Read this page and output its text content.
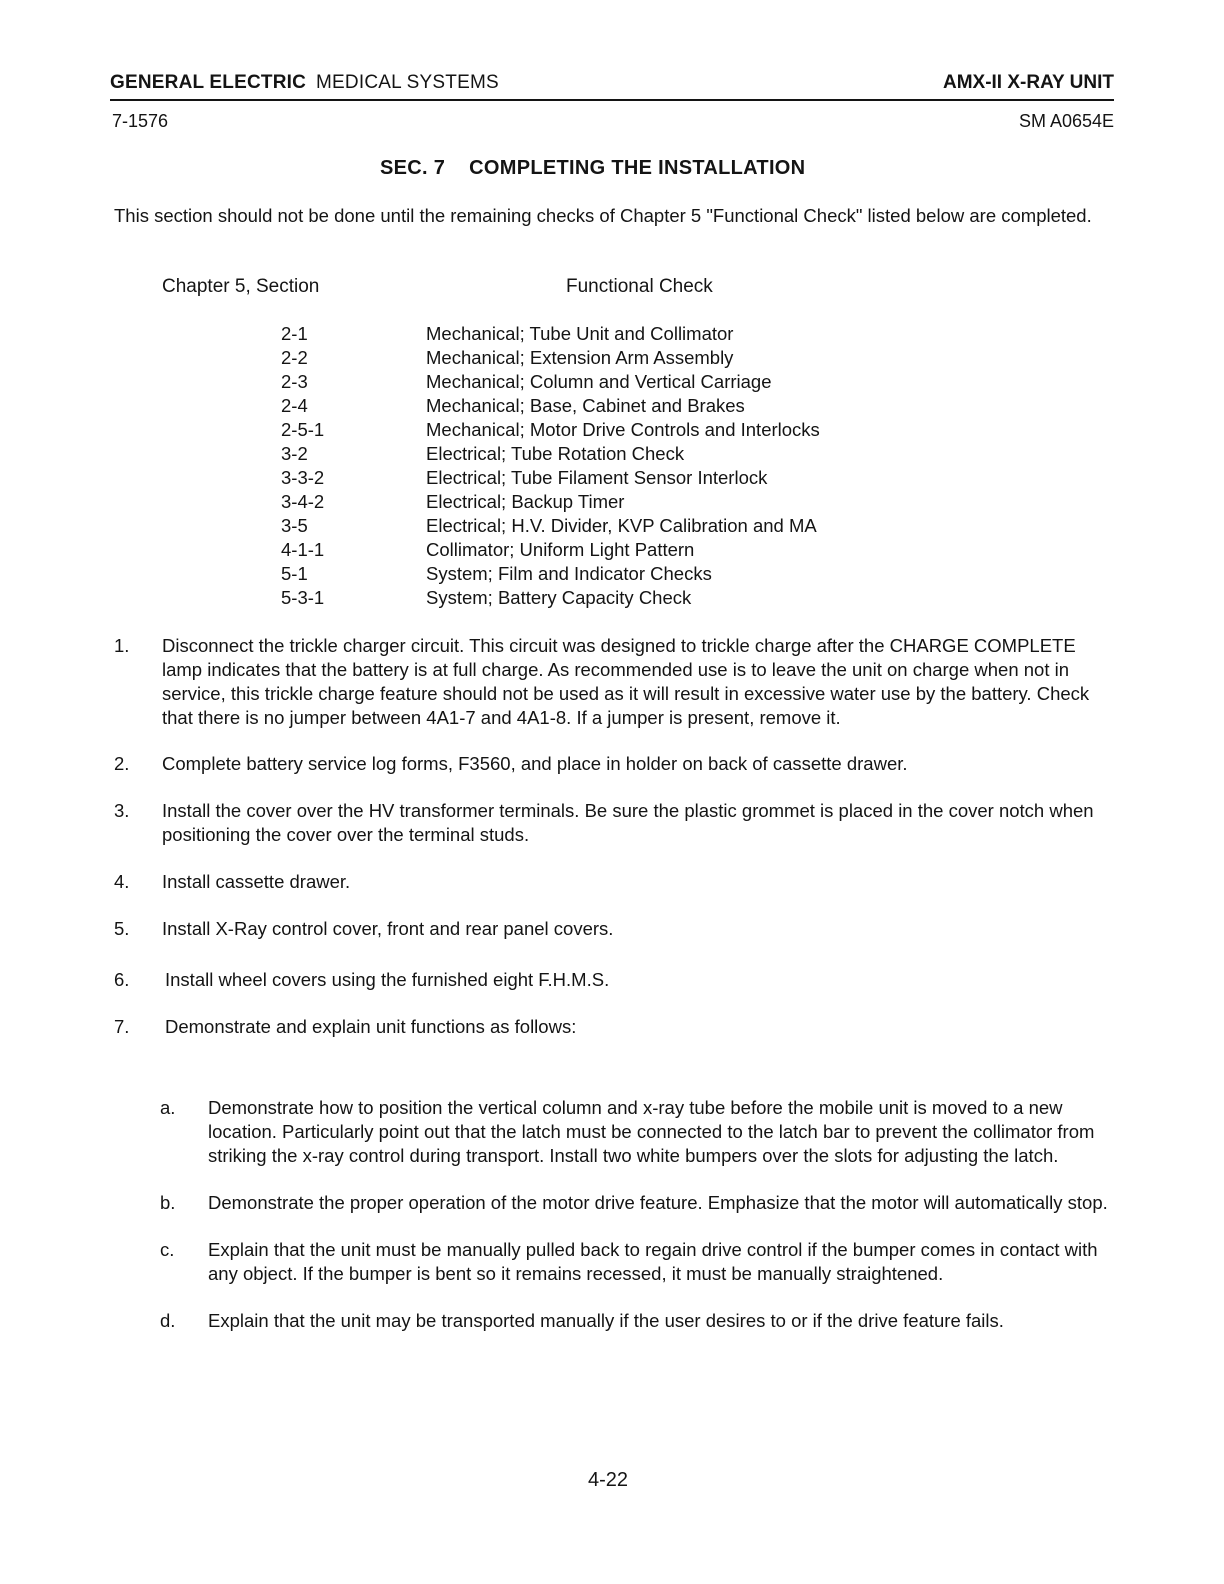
GENERAL ELECTRIC MEDICAL SYSTEMS	AMX-II X-RAY UNIT
7-1576	SM A0654E
SEC. 7 COMPLETING THE INSTALLATION
This section should not be done until the remaining checks of Chapter 5 "Functional Check" listed below are completed.
Chapter 5, Section	Functional Check
2-1	Mechanical; Tube Unit and Collimator
2-2	Mechanical; Extension Arm Assembly
2-3	Mechanical; Column and Vertical Carriage
2-4	Mechanical; Base, Cabinet and Brakes
2-5-1	Mechanical; Motor Drive Controls and Interlocks
3-2	Electrical; Tube Rotation Check
3-3-2	Electrical; Tube Filament Sensor Interlock
3-4-2	Electrical; Backup Timer
3-5	Electrical; H.V. Divider, KVP Calibration and MA
4-1-1	Collimator; Uniform Light Pattern
5-1	System; Film and Indicator Checks
5-3-1	System; Battery Capacity Check
1. Disconnect the trickle charger circuit. This circuit was designed to trickle charge after the CHARGE COMPLETE lamp indicates that the battery is at full charge. As recommended use is to leave the unit on charge when not in service, this trickle charge feature should not be used as it will result in excessive water use by the battery. Check that there is no jumper between 4A1-7 and 4A1-8. If a jumper is present, remove it.
2. Complete battery service log forms, F3560, and place in holder on back of cassette drawer.
3. Install the cover over the HV transformer terminals. Be sure the plastic grommet is placed in the cover notch when positioning the cover over the terminal studs.
4. Install cassette drawer.
5. Install X-Ray control cover, front and rear panel covers.
6. Install wheel covers using the furnished eight F.H.M.S.
7. Demonstrate and explain unit functions as follows:
a. Demonstrate how to position the vertical column and x-ray tube before the mobile unit is moved to a new location. Particularly point out that the latch must be connected to the latch bar to prevent the collimator from striking the x-ray control during transport. Install two white bumpers over the slots for adjusting the latch.
b. Demonstrate the proper operation of the motor drive feature. Emphasize that the motor will automatically stop.
c. Explain that the unit must be manually pulled back to regain drive control if the bumper comes in contact with any object. If the bumper is bent so it remains recessed, it must be manually straightened.
d. Explain that the unit may be transported manually if the user desires to or if the drive feature fails.
4-22
